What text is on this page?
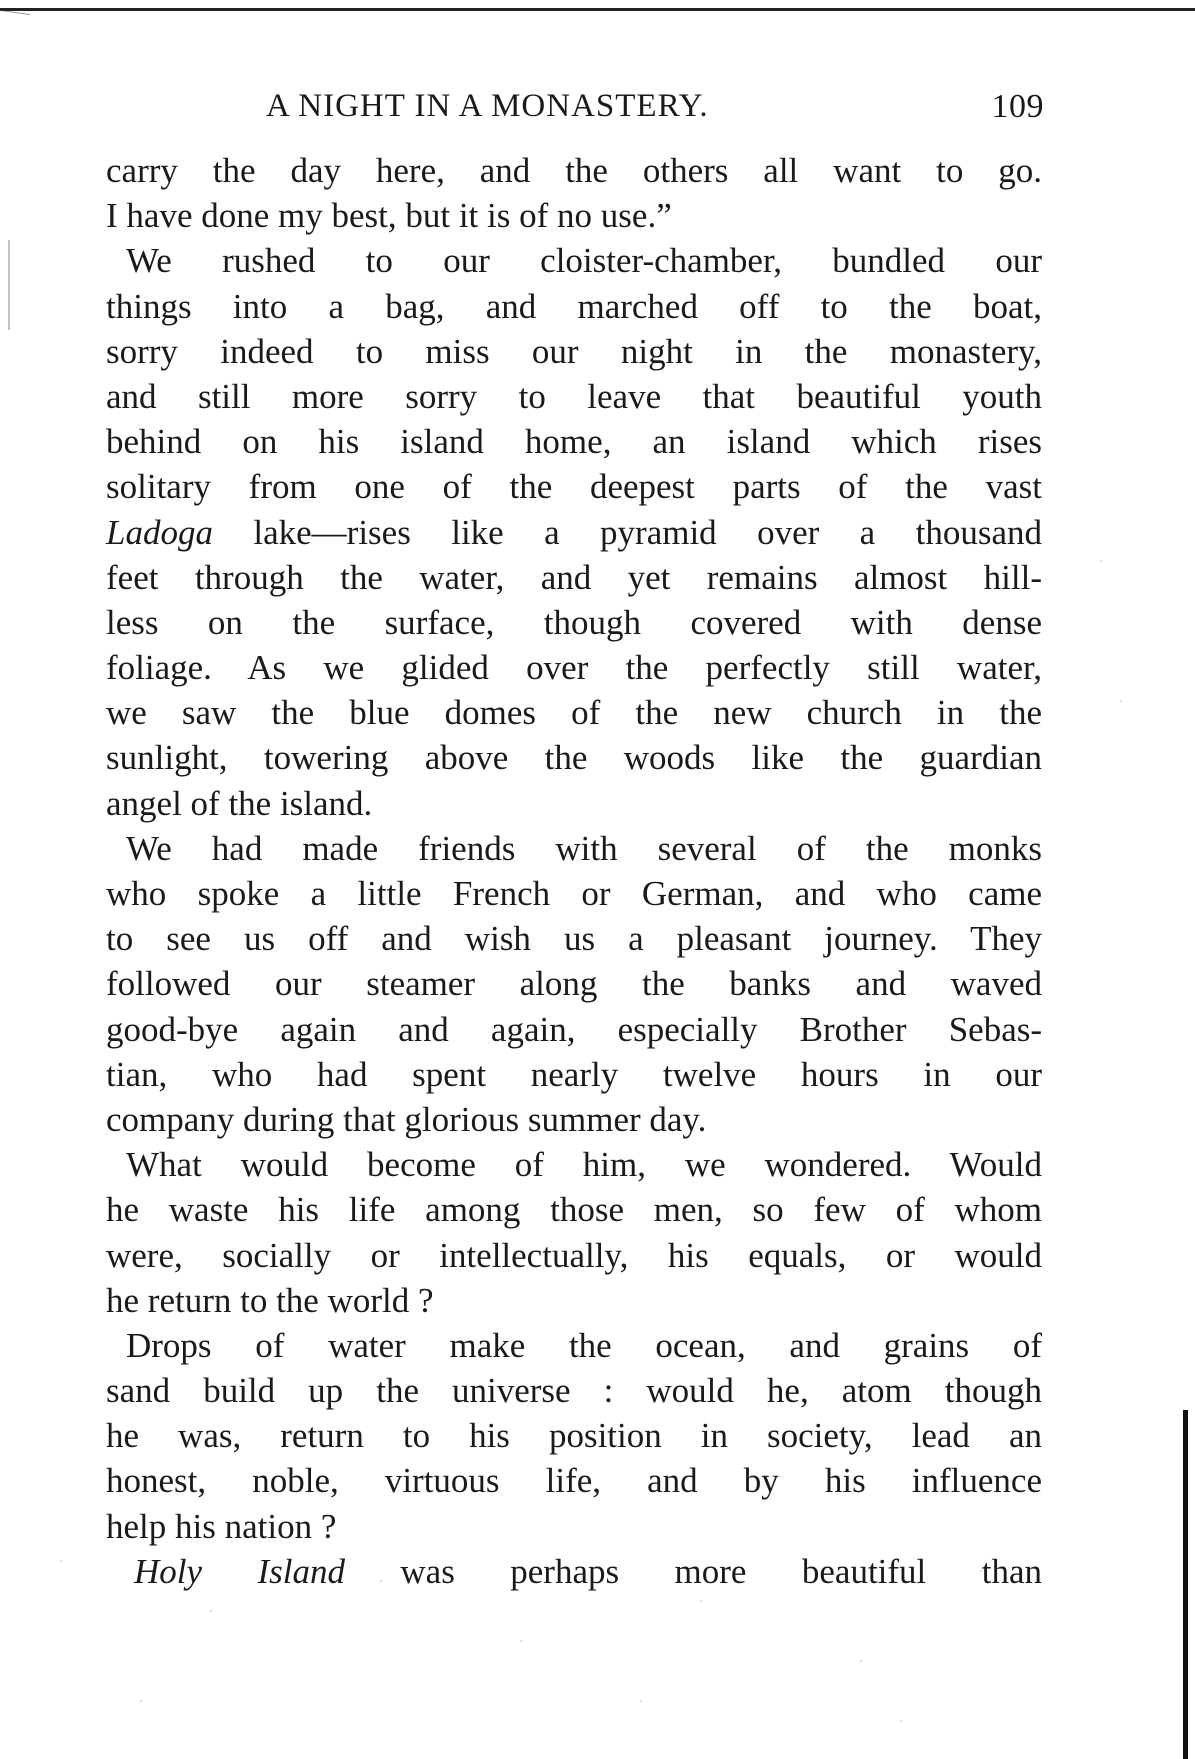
A NIGHT IN A MONASTERY.	109
carry the day here, and the others all want to go.
I have done my best, but it is of no use.”
We rushed to our cloister-chamber, bundled our
things into a bag, and marched off to the boat,
sorry indeed to miss our night in the monastery,
and still more sorry to leave that beautiful youth
behind on his island home, an island which rises
solitary from one of the deepest parts of the vast
Ladoga lake—rises like a pyramid over a thousand
feet through the water, and yet remains almost hill-
less on the surface, though covered with dense
foliage. As we glided over the perfectly still water,
we saw the blue domes of the new church in the
sunlight, towering above the woods like the guardian
angel of the island.
We had made friends with several of the monks
who spoke a little French or German, and who came
to see us off and wish us a pleasant journey. They
followed our steamer along the banks and waved
good-bye again and again, especially Brother Sebas-
tian, who had spent nearly twelve hours in our
company during that glorious summer day.
What would become of him, we wondered. Would
he waste his life among those men, so few of whom
were, socially or intellectually, his equals, or would
he return to the world ?
Drops of water make the ocean, and grains of
sand build up the universe : would he, atom though
he was, return to his position in society, lead an
honest, noble, virtuous life, and by his influence
help his nation ?
Holy Island was perhaps more beautiful than
